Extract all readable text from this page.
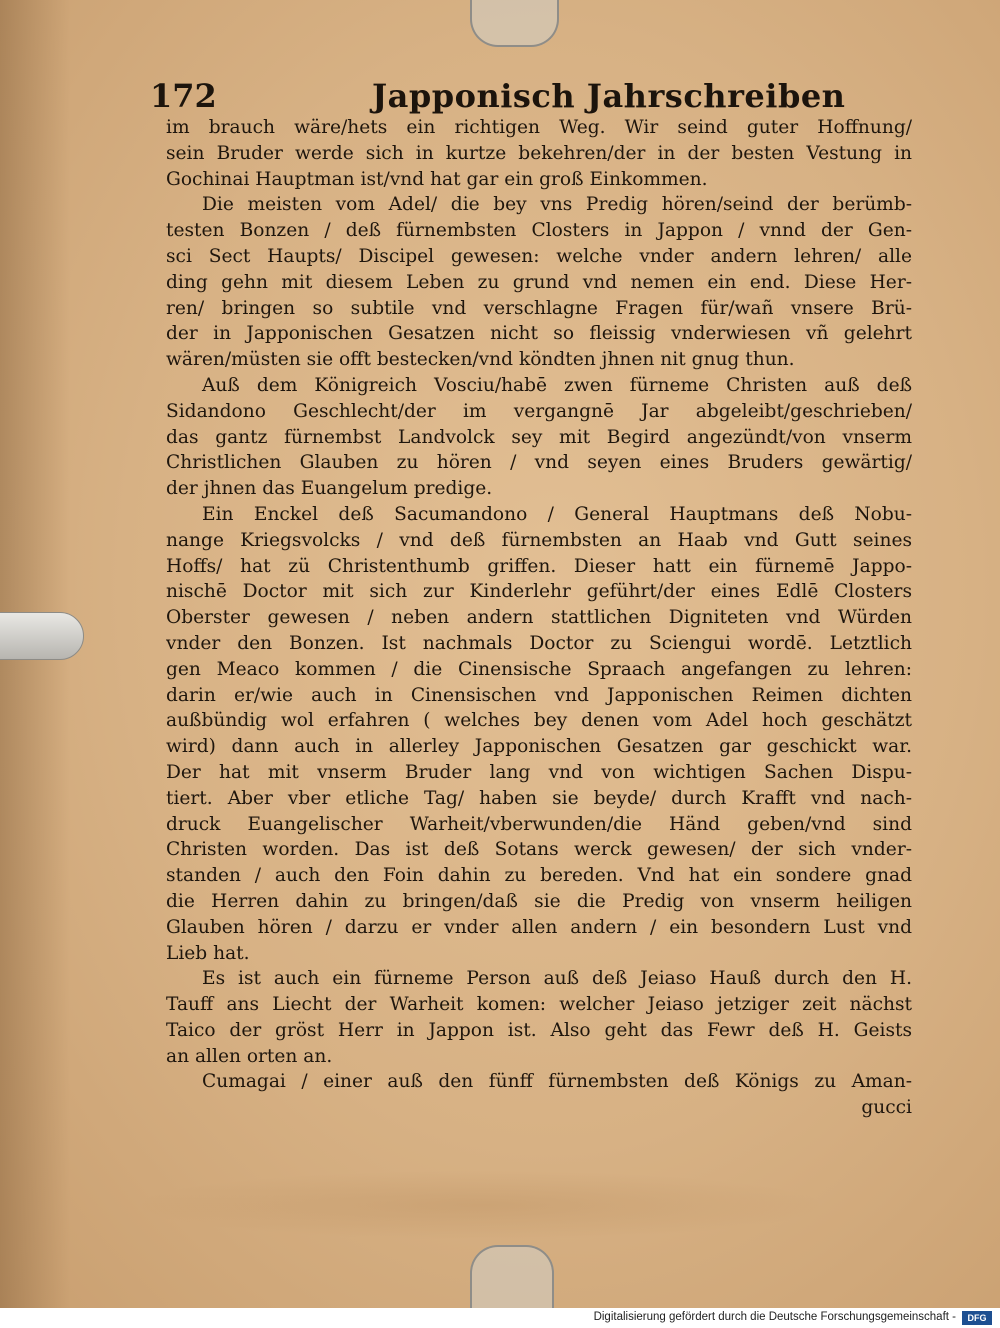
172	Japponisch Jahrschreiben
im brauch wäre/hets ein richtigen Weg. Wir seind guter Hoffnung/
sein Bruder werde sich in kurtze bekehren/der in der besten Vestung in
Gochinai Hauptman ist/vnd hat gar ein groß Einkommen.
Die meisten vom Adel/ die bey vns Predig hören/seind der berümb-
testen Bonzen / deß fürnembsten Closters in Jappon / vnnd der Gen-
sci Sect Haupts/ Discipel gewesen: welche vnder andern lehren/ alle
ding gehn mit diesem Leben zu grund vnd nemen ein end. Diese Her-
ren/ bringen so subtile vnd verschlagne Fragen für/wañ vnsere Brü-
der in Japponischen Gesatzen nicht so fleissig vnderwiesen vñ gelehrt
wären/müsten sie offt bestecken/vnd köndten jhnen nit gnug thun.
Auß dem Königreich Vosciu/habē zwen fürneme Christen auß deß
Sidandono Geschlecht/der im vergangnē Jar abgeleibt/geschrieben/
das gantz fürnembst Landvolck sey mit Begird angezündt/von vnserm
Christlichen Glauben zu hören / vnd seyen eines Bruders gewärtig/
der jhnen das Euangelum predige.
Ein Enckel deß Sacumandono / General Hauptmans deß Nobu-
nange Kriegsvolcks / vnd deß fürnembsten an Haab vnd Gutt seines
Hoffs/ hat zü Christenthumb griffen. Dieser hatt ein fürnemē Jappo-
nischē Doctor mit sich zur Kinderlehr geführt/der eines Edlē Closters
Oberster gewesen / neben andern stattlichen Digniteten vnd Würden
vnder den Bonzen. Ist nachmals Doctor zu Sciengui wordē. Letztlich
gen Meaco kommen / die Cinensische Spraach angefangen zu lehren:
darin er/wie auch in Cinensischen vnd Japponischen Reimen dichten
außbündig wol erfahren ( welches bey denen vom Adel hoch geschätzt
wird) dann auch in allerley Japponischen Gesatzen gar geschickt war.
Der hat mit vnserm Bruder lang vnd von wichtigen Sachen Dispu-
tiert. Aber vber etliche Tag/ haben sie beyde/ durch Krafft vnd nach-
druck Euangelischer Warheit/vberwunden/die Händ geben/vnd sind
Christen worden. Das ist deß Sotans werck gewesen/ der sich vnder-
standen / auch den Foin dahin zu bereden. Vnd hat ein sondere gnad
die Herren dahin zu bringen/daß sie die Predig von vnserm heiligen
Glauben hören / darzu er vnder allen andern / ein besondern Lust vnd
Lieb hat.
Es ist auch ein fürneme Person auß deß Jeiaso Hauß durch den H.
Tauff ans Liecht der Warheit komen: welcher Jeiaso jetziger zeit nächst
Taico der gröst Herr in Jappon ist. Also geht das Fewr deß H. Geists
an allen orten an.
Cumagai / einer auß den fünff fürnembsten deß Königs zu Aman-
gucci
Digitalisierung gefördert durch die Deutsche Forschungsgemeinschaft -	DFG
